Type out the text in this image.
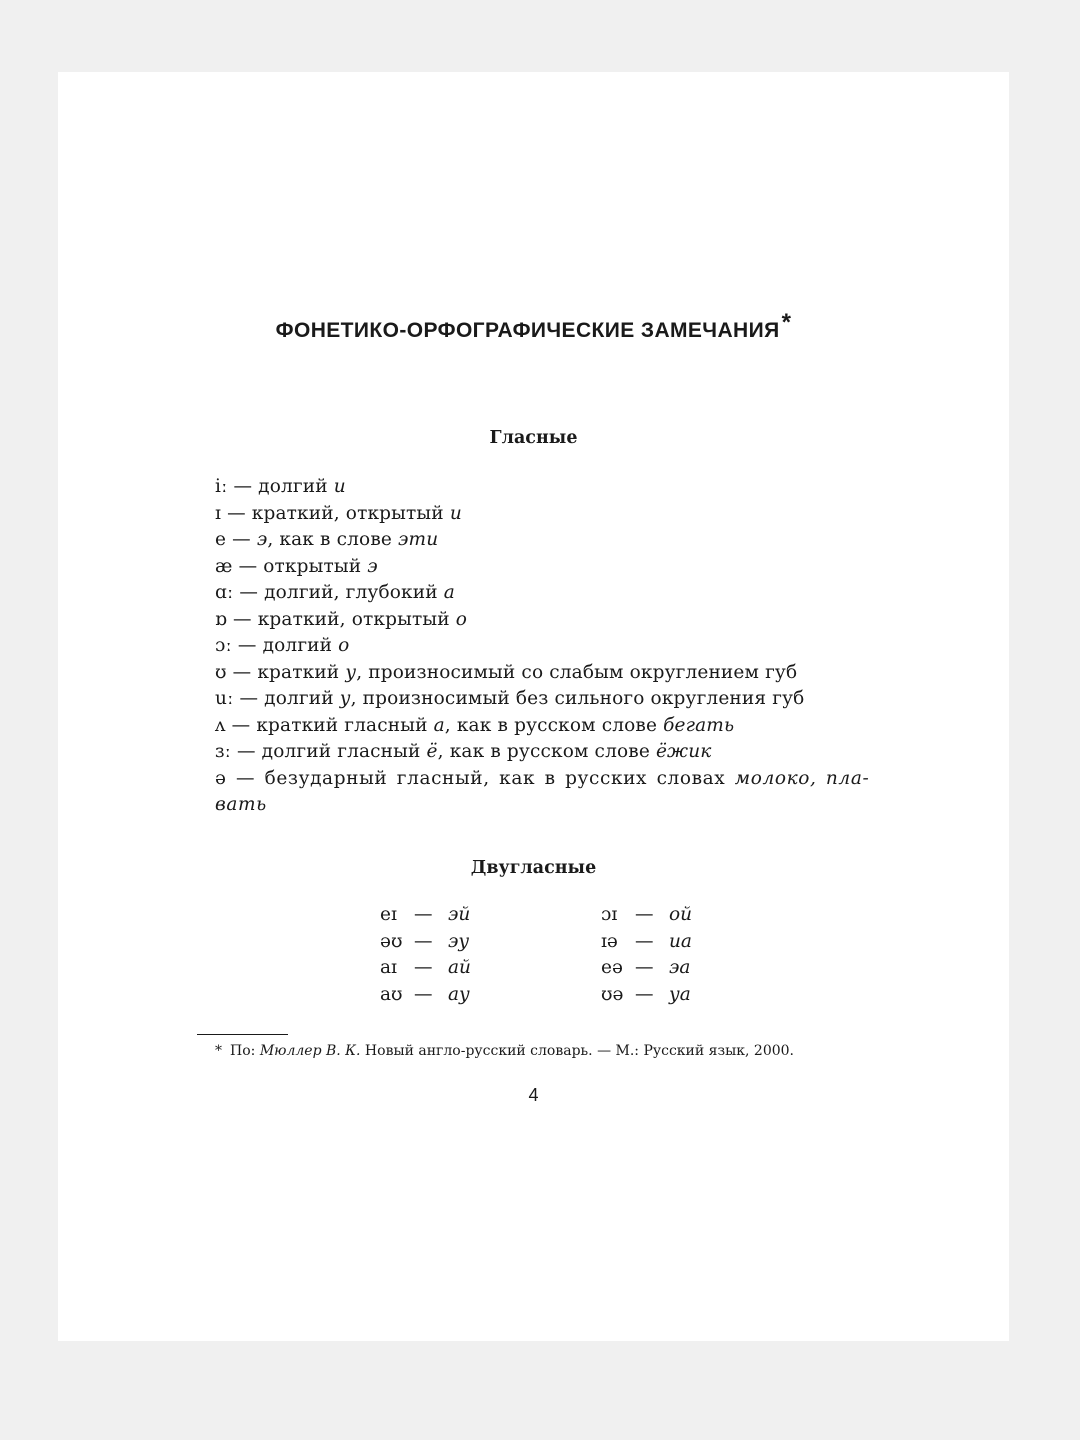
ФОНЕТИКО-ОРФОГРАФИЧЕСКИЕ ЗАМЕЧАНИЯ*
Гласные
iː — долгий и
ɪ — краткий, открытый и
e — э, как в слове эти
æ — открытый э
ɑː — долгий, глубокий а
ɒ — краткий, открытый о
ɔː — долгий о
ʊ — краткий у, произносимый со слабым округлением губ
uː — долгий у, произносимый без сильного округления губ
ʌ — краткий гласный а, как в русском слове бегать
ɜː — долгий гласный ё, как в русском слове ёжик
ə — безударный гласный, как в русских словах молоко, пла-вать
Двугласные
eɪ — эй
əʊ — эу
aɪ — ай
aʊ — ау
ɔɪ — ой
ɪə — иа
eə — эа
ʊə — уа
* По: Мюллер В. К. Новый англо-русский словарь. — М.: Русский язык, 2000.
4
